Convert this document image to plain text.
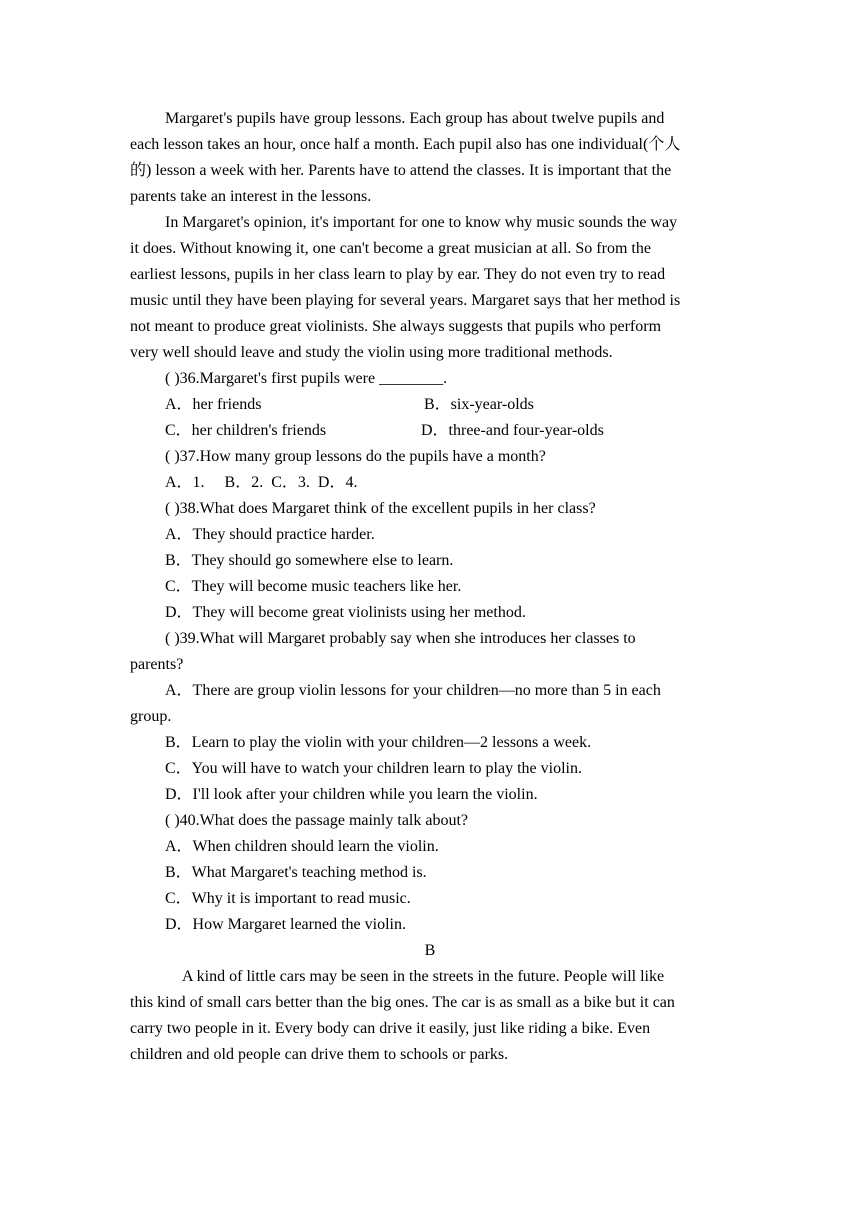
Margaret's pupils have group lessons. Each group has about twelve pupils and
each lesson takes an hour, once half a month. Each pupil also has one individual(个人
的) lesson a week with her. Parents have to attend the classes. It is important that the
parents take an interest in the lessons.
In Margaret's opinion, it's important for one to know why music sounds the way
it does. Without knowing it, one can't become a great musician at all. So from the
earliest lessons, pupils in her class learn to play by ear. They do not even try to read
music until they have been playing for several years. Margaret says that her method is
not meant to produce great violinists. She always suggests that pupils who perform
very well should leave and study the violin using more traditional methods.
( )36.Margaret's first pupils were ________.
A．her friends	B．six-year-olds
C．her children's friends	D．three-and four-year-olds
( )37.How many group lessons do the pupils have a month?
A．1.     B．2.  C．3.  D．4.
( )38.What does Margaret think of the excellent pupils in her class?
A．They should practice harder.
B．They should go somewhere else to learn.
C．They will become music teachers like her.
D．They will become great violinists using her method.
( )39.What will Margaret probably say when she introduces her classes to
parents?
A．There are group violin lessons for your children—no more than 5 in each
group.
B．Learn to play the violin with your children—2 lessons a week.
C．You will have to watch your children learn to play the violin.
D．I'll look after your children while you learn the violin.
( )40.What does the passage mainly talk about?
A．When children should learn the violin.
B．What Margaret's teaching method is.
C．Why it is important to read music.
D．How Margaret learned the violin.
B
A kind of little cars may be seen in the streets in the future. People will like
this kind of small cars better than the big ones. The car is as small as a bike but it can
carry two people in it. Every body can drive it easily, just like riding a bike. Even
children and old people can drive them to schools or parks.
